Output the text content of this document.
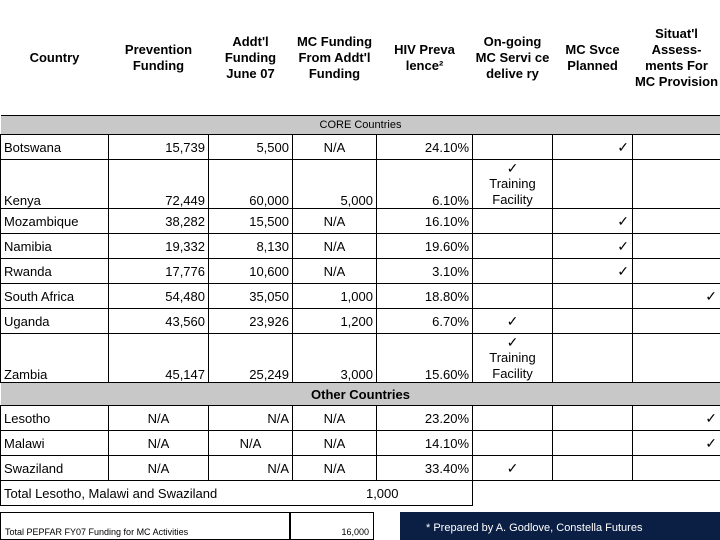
Country	Prevention Funding	Addt'l Funding June 07	MC Funding From Addt'l Funding	HIV Preva lence²	On-going MC Servi ce delive ry	MC Svce Planned	Situat'l Assess- ments For MC Provision
CORE Countries							
Botswana	15,739	5,500	N/A	24.10%		✓	
Kenya	72,449	60,000	5,000	6.10%	✓
Training Facility		

Mozambique	38,282	15,500	N/A	16.10%		✓	
Namibia	19,332	8,130	N/A	19.60%		✓	
Rwanda	17,776	10,600	N/A	3.10%		✓	
South Africa	54,480	35,050	1,000	18.80%			✓
Uganda	43,560	23,926	1,200	6.70%	✓		
Zambia	45,147	25,249	3,000	15.60%	✓
Training Facility		

Other Countries							
Lesotho	N/A	N/A	N/A	23.20%			✓
Malawi	N/A	N/A	N/A	14.10%			✓
Swaziland	N/A	N/A	N/A	33.40%	✓		
Total Lesotho, Malawi and Swaziland			1,000				
Total PEPFAR FY07 Funding for MC Activities	16,000	* Prepared by A. Godlove, Constella Futures
